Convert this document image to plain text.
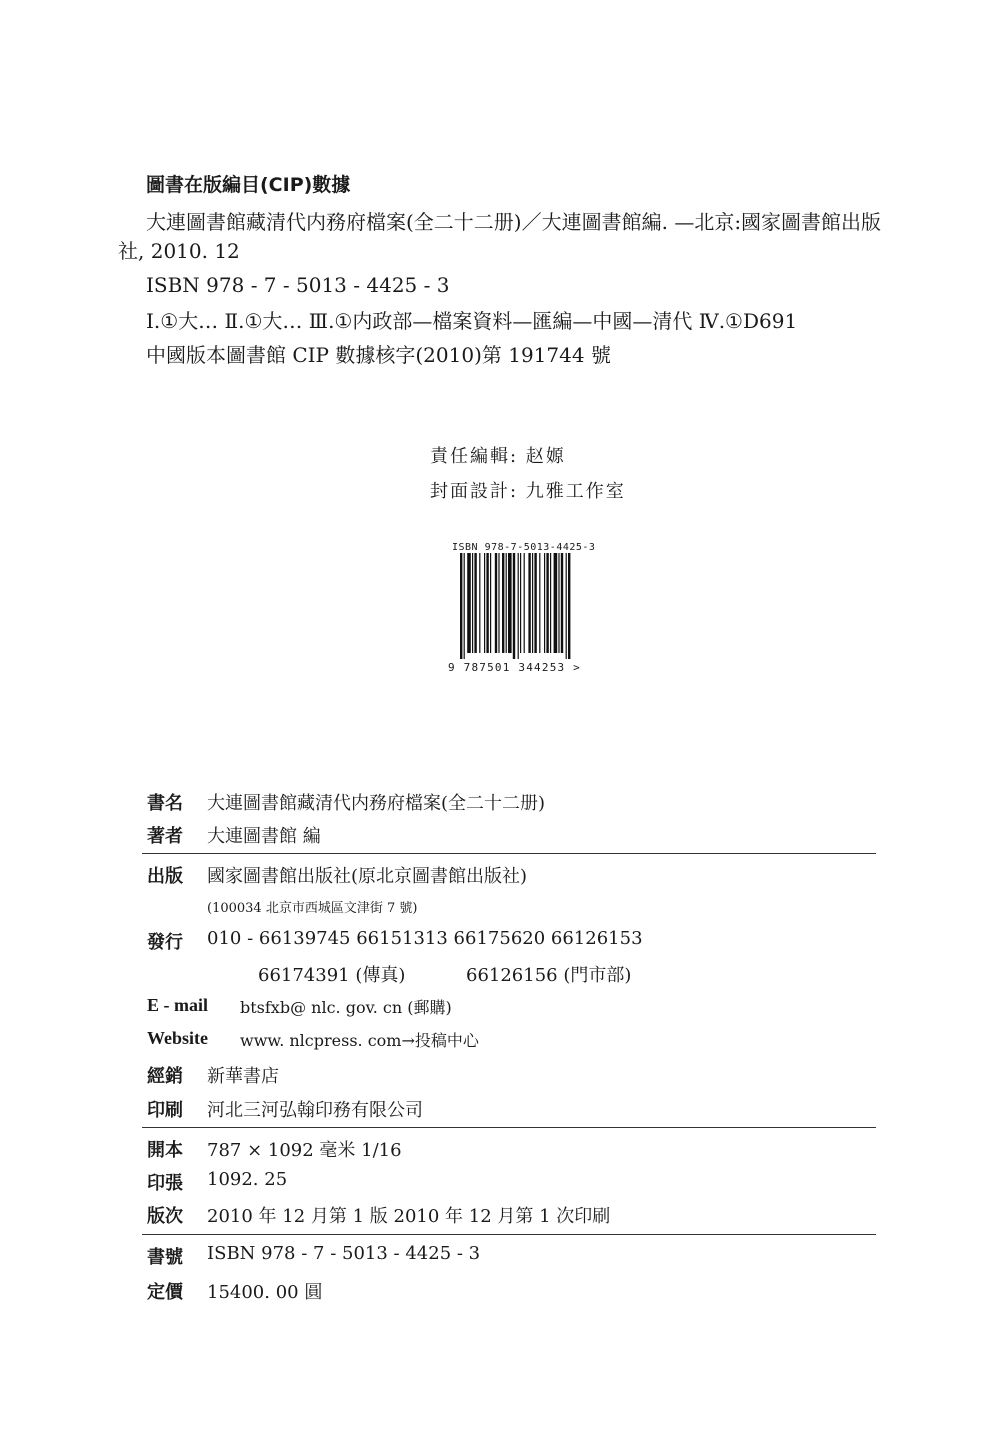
圖書在版編目(CIP)數據
大連圖書館藏清代内務府檔案(全二十二册)／大連圖書館編. —北京:國家圖書館出版
社, 2010. 12
ISBN 978 - 7 - 5013 - 4425 - 3
Ⅰ.①大… Ⅱ.①大… Ⅲ.①内政部—檔案資料—匯編—中國—清代 Ⅳ.①D691
中國版本圖書館 CIP 數據核字(2010)第 191744 號
責任編輯: 赵嫄
封面設計: 九雅工作室
ISBN 978-7-5013-4425-3
9 787501 344253 >
書名 大連圖書館藏清代内務府檔案(全二十二册)
著者 大連圖書館 編
出版 國家圖書館出版社(原北京圖書館出版社)
(100034 北京市西城區文津街 7 號)
發行 010 - 66139745 66151313 66175620 66126153
66174391 (傳真)	66126156 (門市部)
E - mail btsfxb@ nlc. gov. cn (郵購)
Website www. nlcpress. com→投稿中心
經銷 新華書店
印刷 河北三河弘翰印務有限公司
開本 787 × 1092 毫米 1/16
印張 1092. 25
版次 2010 年 12 月第 1 版 2010 年 12 月第 1 次印刷
書號 ISBN 978 - 7 - 5013 - 4425 - 3
定價 15400. 00 圓
